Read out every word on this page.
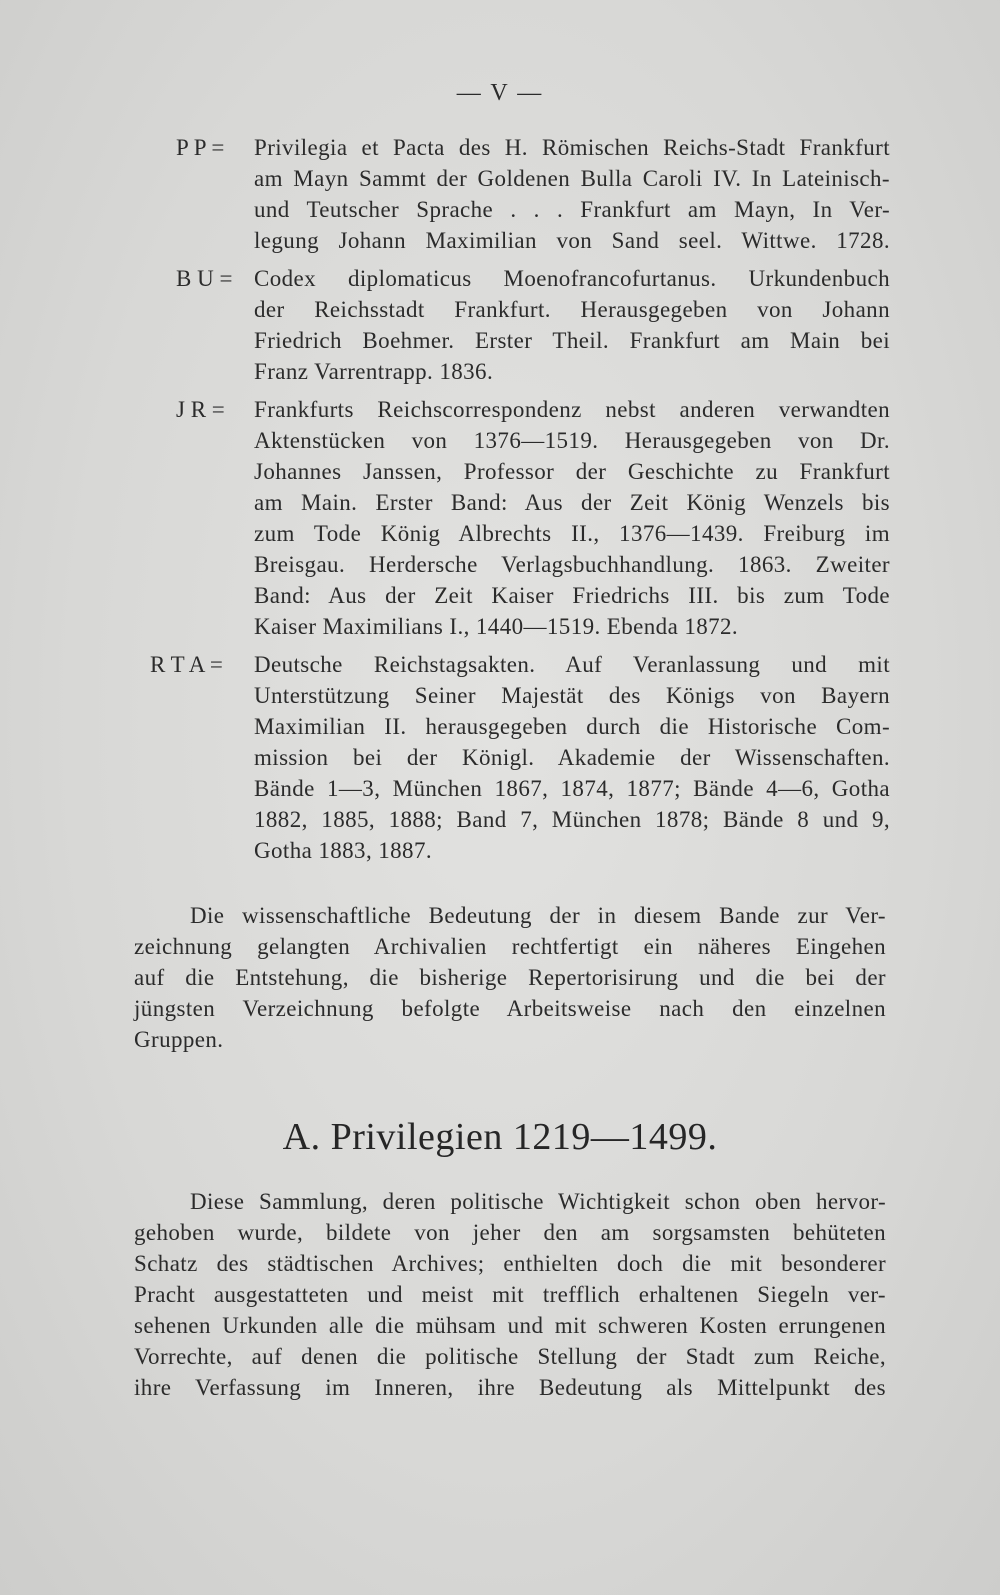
— V —
P P =	Privilegia et Pacta des H. Römischen Reichs-Stadt Frankfurt
am Mayn Sammt der Goldenen Bulla Caroli IV. In Lateinisch-
und Teutscher Sprache . . . Frankfurt am Mayn, In Ver-
legung Johann Maximilian von Sand seel. Wittwe. 1728.
B U = Codex diplomaticus Moenofrancofurtanus. Urkundenbuch
der Reichsstadt Frankfurt. Herausgegeben von Johann
Friedrich Boehmer. Erster Theil. Frankfurt am Main bei
Franz Varrentrapp. 1836.
J R =	Frankfurts Reichscorrespondenz nebst anderen verwandten
Aktenstücken von 1376—1519. Herausgegeben von Dr.
Johannes Janssen, Professor der Geschichte zu Frankfurt
am Main. Erster Band: Aus der Zeit König Wenzels bis
zum Tode König Albrechts II., 1376—1439. Freiburg im
Breisgau. Herdersche Verlagsbuchhandlung. 1863. Zweiter
Band: Aus der Zeit Kaiser Friedrichs III. bis zum Tode
Kaiser Maximilians I., 1440—1519. Ebenda 1872.
R T A =	Deutsche Reichstagsakten. Auf Veranlassung und mit
Unterstützung Seiner Majestät des Königs von Bayern
Maximilian II. herausgegeben durch die Historische Com-
mission bei der Königl. Akademie der Wissenschaften.
Bände 1—3, München 1867, 1874, 1877; Bände 4—6, Gotha
1882, 1885, 1888; Band 7, München 1878; Bände 8 und 9,
Gotha 1883, 1887.
Die wissenschaftliche Bedeutung der in diesem Bande zur Ver-
zeichnung gelangten Archivalien rechtfertigt ein näheres Eingehen
auf die Entstehung, die bisherige Repertorisirung und die bei der
jüngsten Verzeichnung befolgte Arbeitsweise nach den einzelnen
Gruppen.
A. Privilegien 1219—1499.
Diese Sammlung, deren politische Wichtigkeit schon oben hervor-
gehoben wurde, bildete von jeher den am sorgsamsten behüteten
Schatz des städtischen Archives; enthielten doch die mit besonderer
Pracht ausgestatteten und meist mit trefflich erhaltenen Siegeln ver-
sehenen Urkunden alle die mühsam und mit schweren Kosten errungenen
Vorrechte, auf denen die politische Stellung der Stadt zum Reiche,
ihre Verfassung im Inneren, ihre Bedeutung als Mittelpunkt des
